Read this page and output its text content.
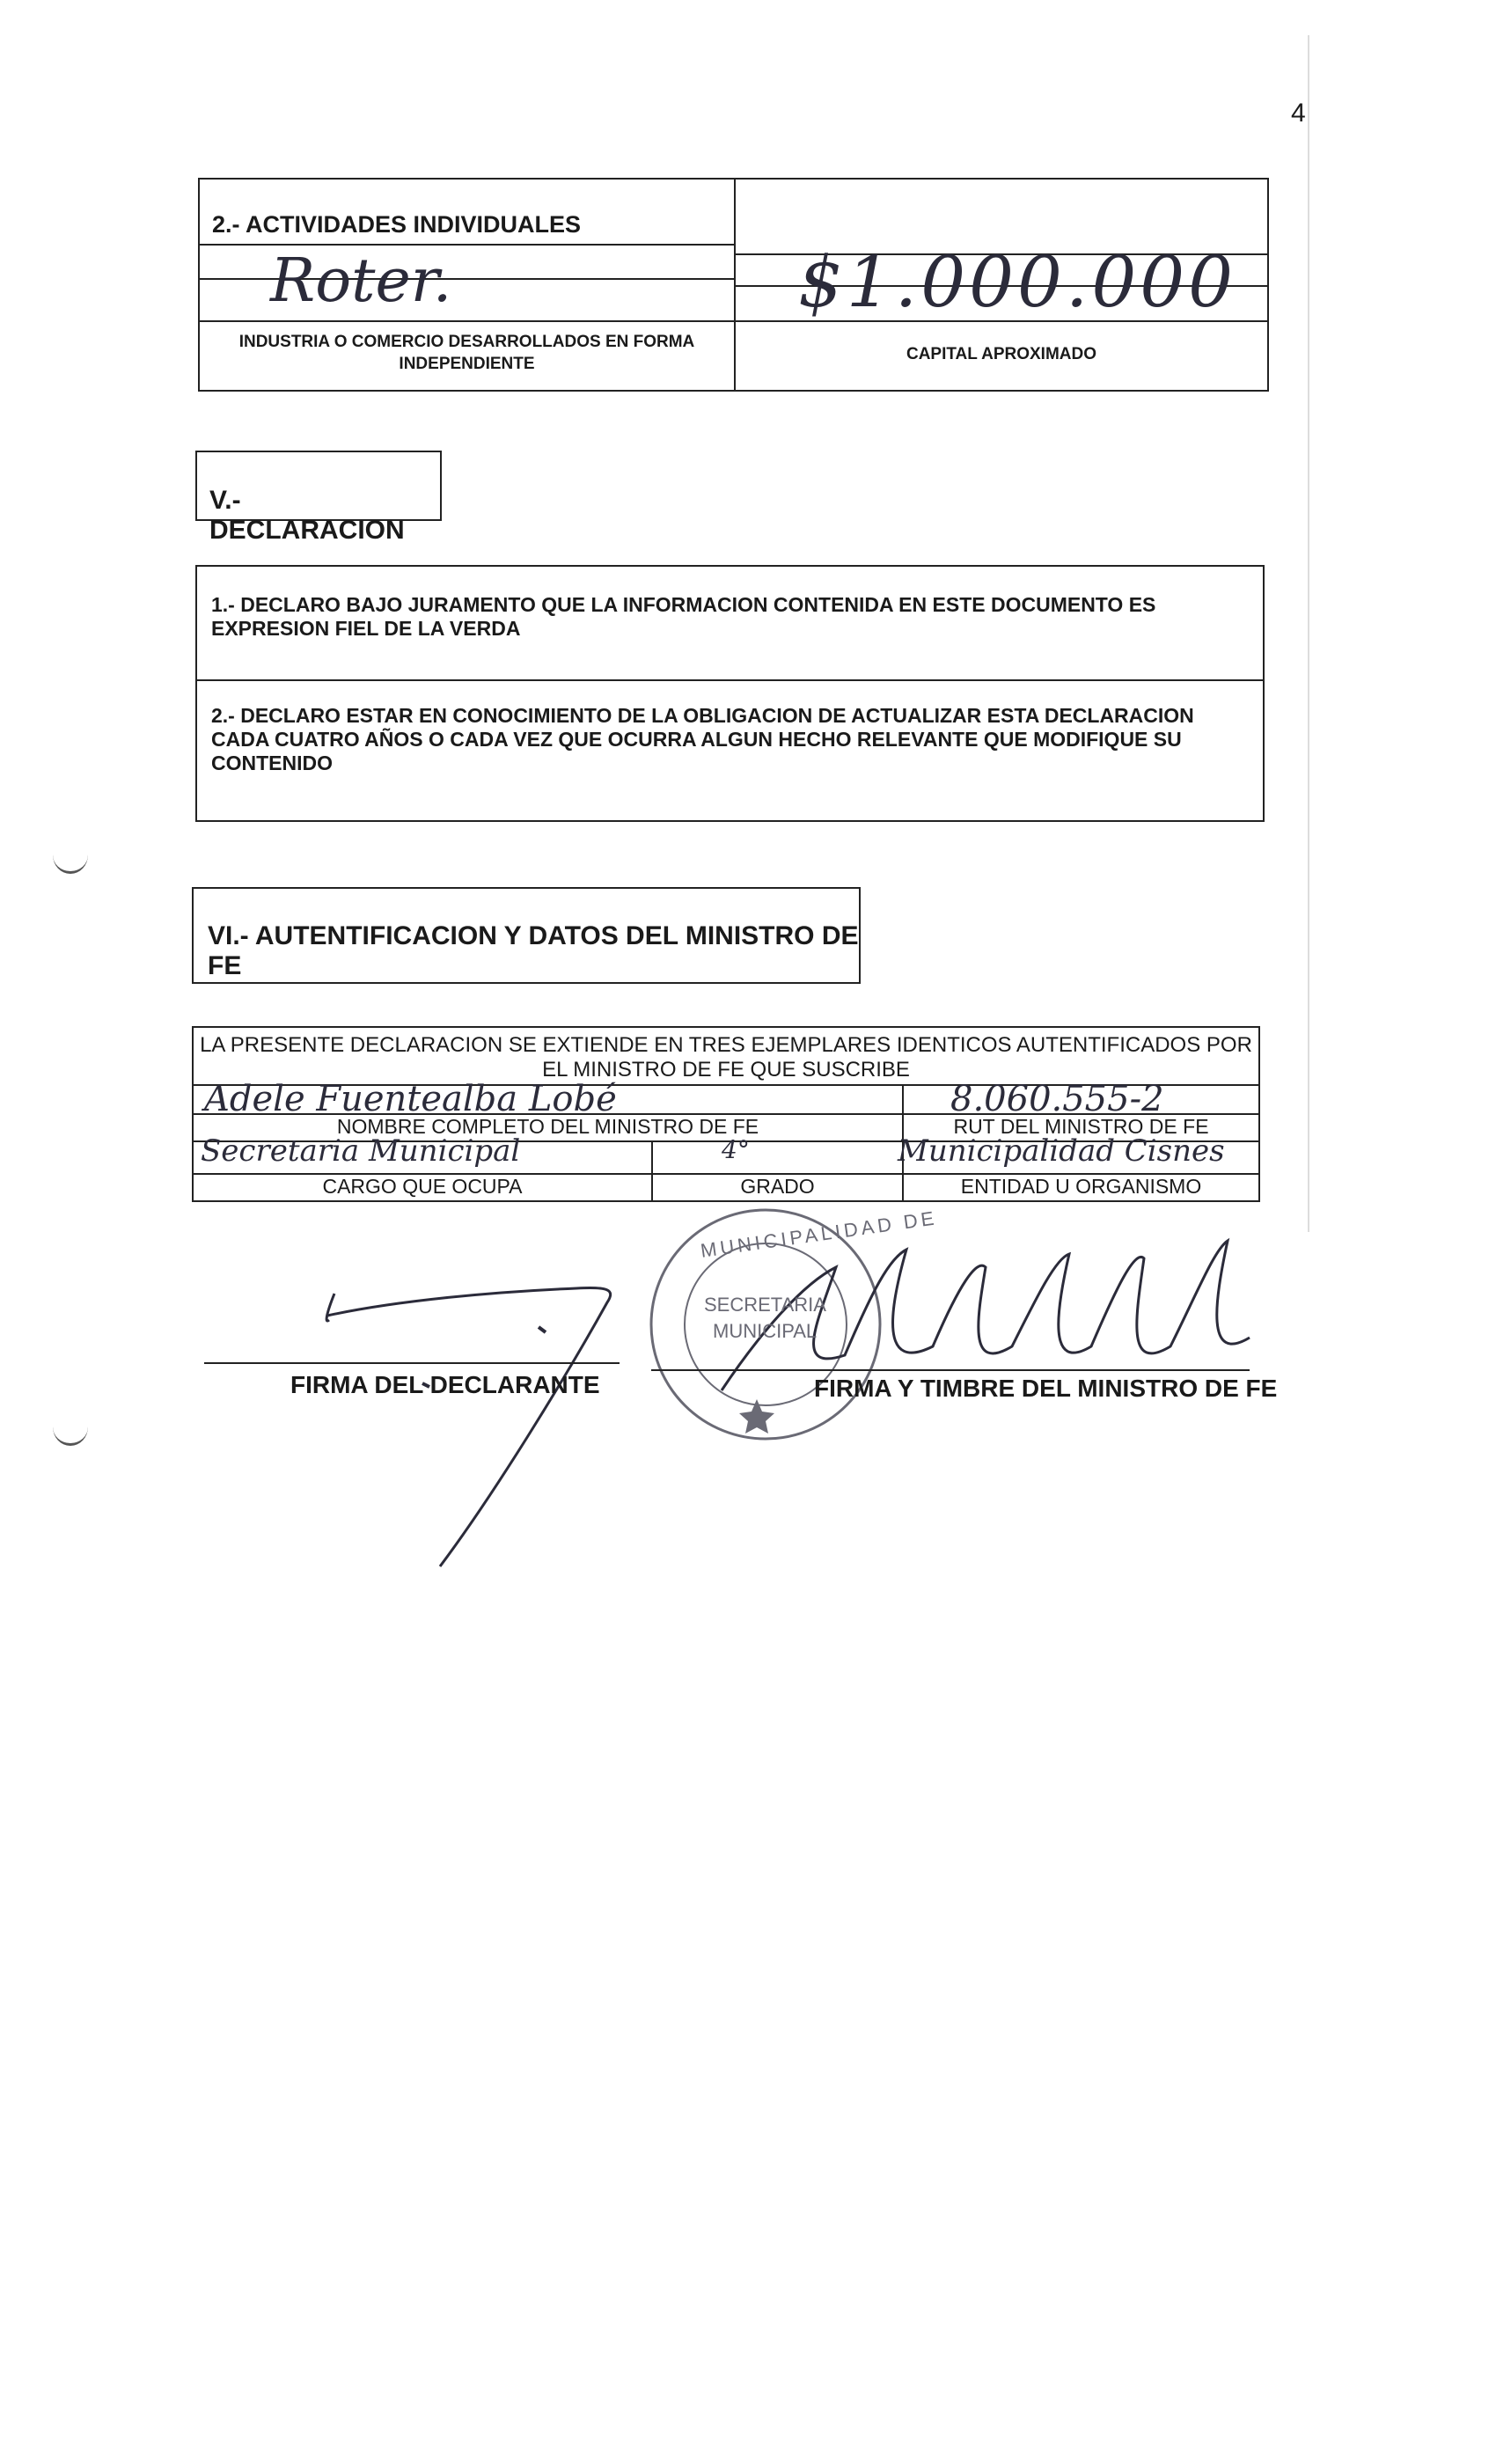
4
2.- ACTIVIDADES INDIVIDUALES
Roter.	$1.000.000
INDUSTRIA O COMERCIO DESARROLLADOS EN FORMA INDEPENDIENTE
CAPITAL APROXIMADO
V.- DECLARACION
1.- DECLARO BAJO JURAMENTO QUE LA INFORMACION CONTENIDA EN ESTE DOCUMENTO ES EXPRESION FIEL DE LA VERDA
2.- DECLARO ESTAR EN CONOCIMIENTO DE LA OBLIGACION DE ACTUALIZAR ESTA DECLARACION CADA CUATRO AÑOS O CADA VEZ QUE OCURRA ALGUN HECHO RELEVANTE QUE MODIFIQUE SU CONTENIDO
VI.- AUTENTIFICACION Y DATOS DEL MINISTRO DE FE
LA PRESENTE DECLARACION SE EXTIENDE EN TRES EJEMPLARES IDENTICOS AUTENTIFICADOS POR EL MINISTRO DE FE QUE SUSCRIBE
Adele Fuentealba Lobé	8.060.555-2
NOMBRE COMPLETO DEL MINISTRO DE FE	RUT DEL MINISTRO DE FE
Secretaria Municipal	4°	Municipalidad Cisnes
CARGO QUE OCUPA	GRADO	ENTIDAD U ORGANISMO
MUNICIPALIDAD DE
SECRETARIA
MUNICIPAL
FIRMA DEL DECLARANTE	FIRMA Y TIMBRE DEL MINISTRO DE FE
